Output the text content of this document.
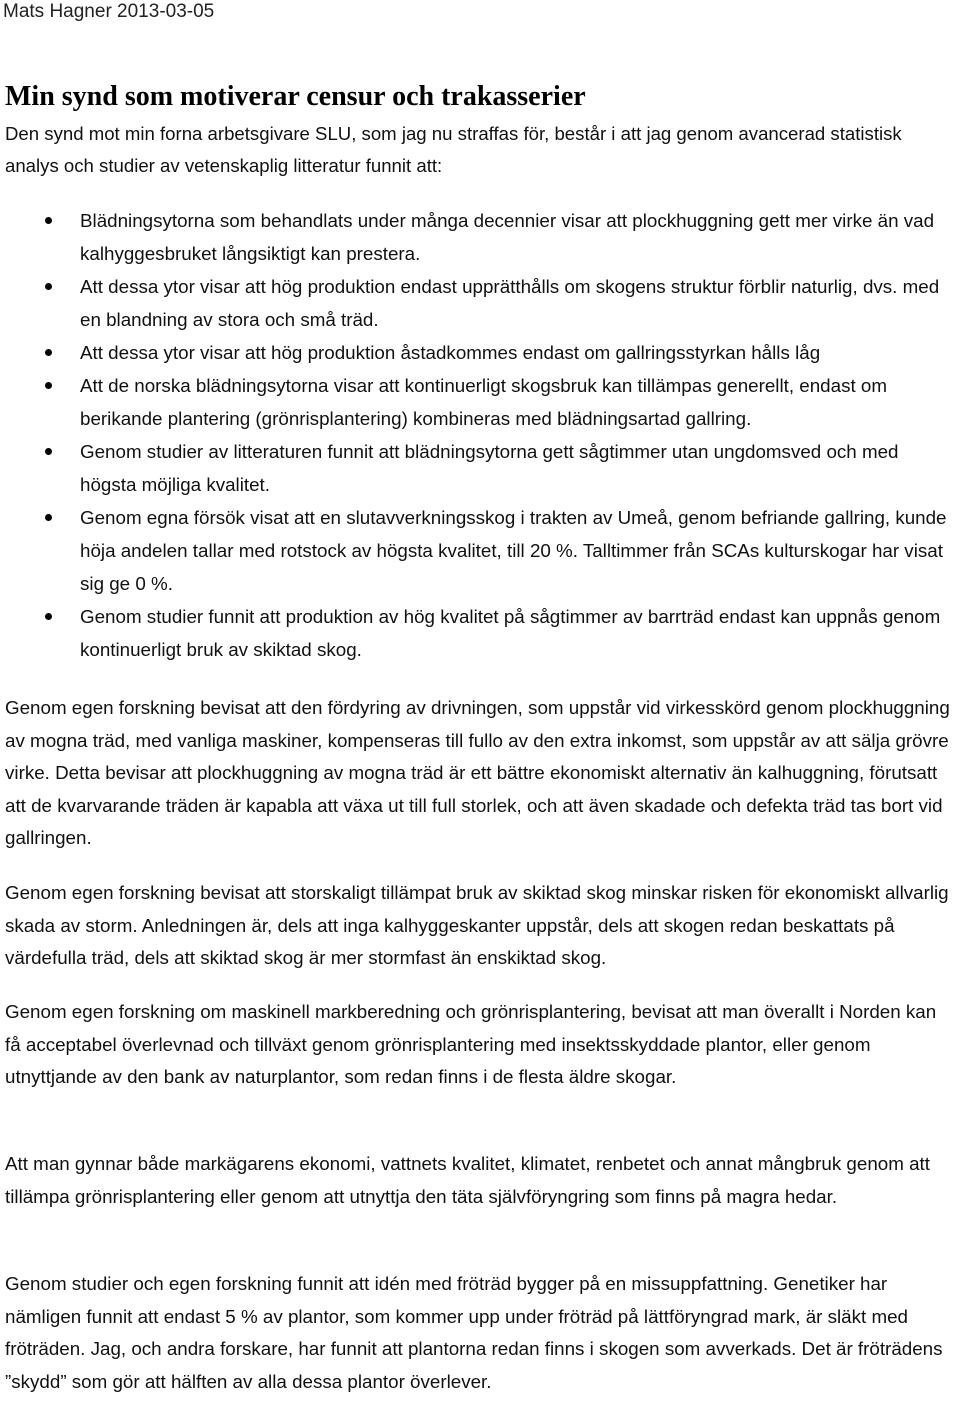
Mats Hagner 2013-03-05
Min synd som motiverar censur och trakasserier

Den synd mot min forna arbetsgivare SLU, som jag nu straffas för, består i att jag genom avancerad statistisk analys och studier av vetenskaplig litteratur funnit att:

Blädningsytorna som behandlats under många decennier visar att plockhuggning gett mer virke än vad kalhyggesbruket långsiktigt kan prestera.
Att dessa ytor visar att hög produktion endast upprätthålls om skogens struktur förblir naturlig, dvs. med en blandning av stora och små träd.
Att dessa ytor visar att hög produktion åstadkommes endast om gallringsstyrkan hålls låg
Att de norska blädningsytorna visar att kontinuerligt skogsbruk kan tillämpas generellt, endast om berikande plantering (grönrisplantering) kombineras med blädningsartad gallring.
Genom studier av litteraturen funnit att blädningsytorna gett sågtimmer utan ungdomsved och med högsta möjliga kvalitet.
Genom egna försök visat att en slutavverkningsskog i trakten av Umeå, genom befriande gallring, kunde höja andelen tallar med rotstock av högsta kvalitet, till 20 %. Talltimmer från SCAs kulturskogar har visat sig ge 0 %.
Genom studier funnit att produktion av hög kvalitet på sågtimmer av barrträd endast kan uppnås genom kontinuerligt bruk av skiktad skog.

Genom egen forskning bevisat att den fördyring av drivningen, som uppstår vid virkesskörd genom plockhuggning av mogna träd, med vanliga maskiner, kompenseras till fullo av den extra inkomst, som uppstår av att sälja grövre virke. Detta bevisar att plockhuggning av mogna träd är ett bättre ekonomiskt alternativ än kalhuggning, förutsatt att de kvarvarande träden är kapabla att växa ut till full storlek, och att även skadade och defekta träd tas bort vid gallringen.

Genom egen forskning bevisat att storskaligt tillämpat bruk av skiktad skog minskar risken för ekonomiskt allvarlig skada av storm. Anledningen är, dels att inga kalhyggeskanter uppstår, dels att skogen redan beskattats på värdefulla träd, dels att skiktad skog är mer stormfast än enskiktad skog.

Genom egen forskning om maskinell markberedning och grönrisplantering, bevisat att man överallt i Norden kan få acceptabel överlevnad och tillväxt genom grönrisplantering med insektsskyddade plantor, eller genom utnyttjande av den bank av naturplantor, som redan finns i de flesta äldre skogar.

Att man gynnar både markägarens ekonomi, vattnets kvalitet, klimatet, renbetet och annat mångbruk genom att tillämpa grönrisplantering eller genom att utnyttja den täta självföryngring som finns på magra hedar.

Genom studier och egen forskning funnit att idén med fröträd bygger på en missuppfattning. Genetiker har nämligen funnit att endast 5 % av plantor, som kommer upp under fröträd på lättföryngrad mark, är släkt med fröträden. Jag, och andra forskare, har funnit att plantorna redan finns i skogen som avverkads. Det är fröträdens ”skydd” som gör att hälften av alla dessa plantor överlever.
